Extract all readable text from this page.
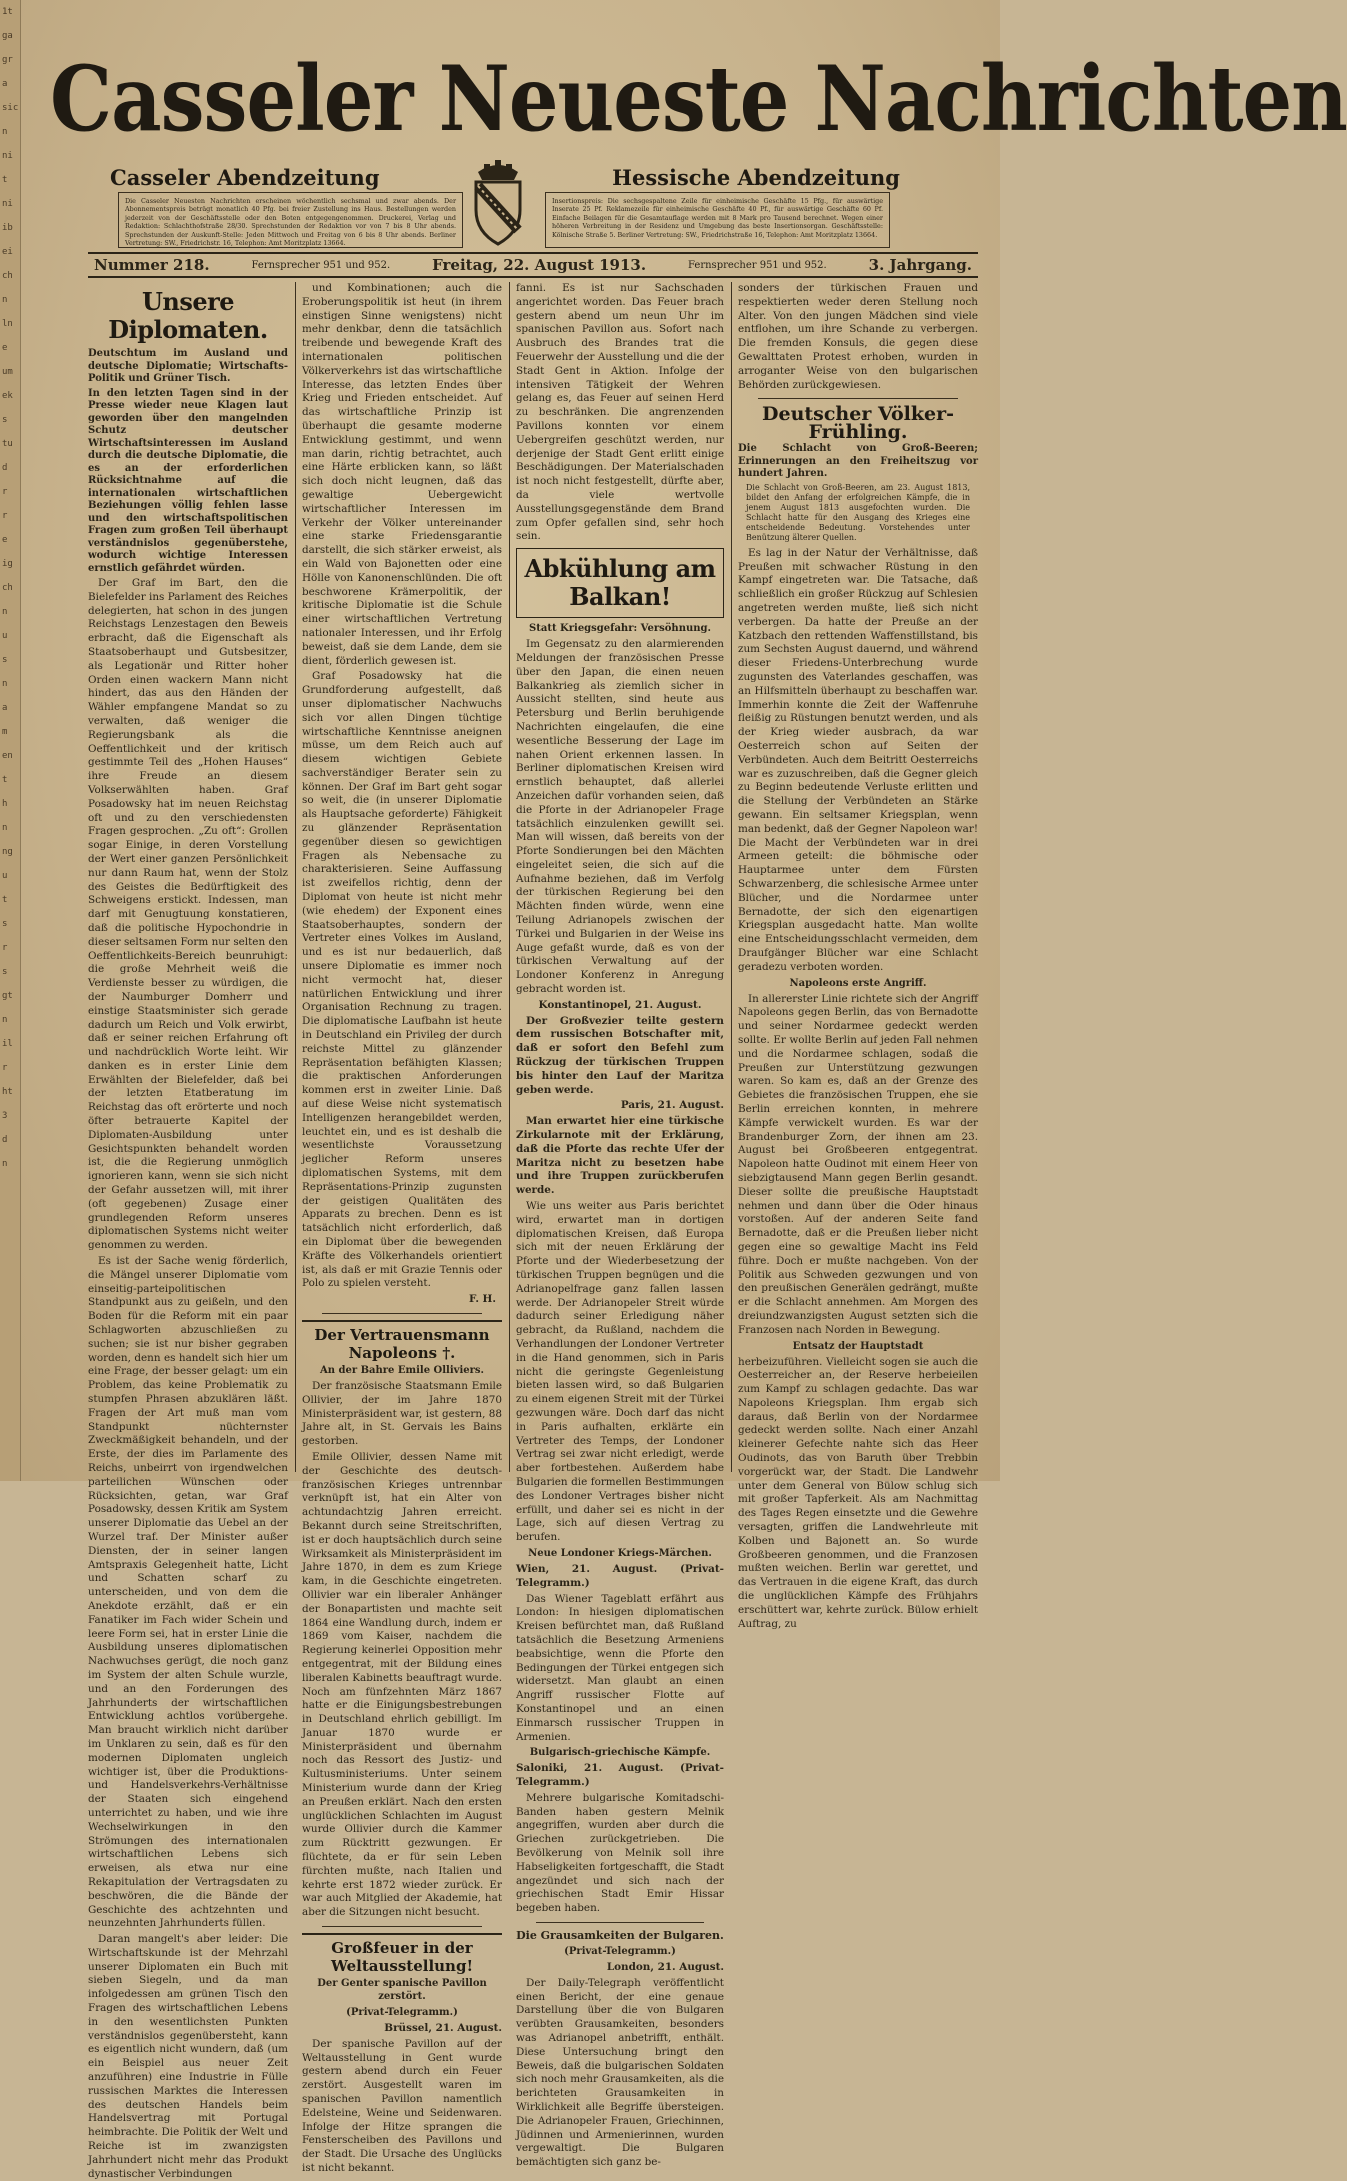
1t
ga
gr
a
sic
n
ni
t
ni
ib
ei
ch
n
ln
e
um
ek
s
tu
d
r
r
e
ig
ch
n
u
s
n
a
m
en
t
h
n
ng
u
t
s
r
s
gt
n
il
r
ht
3
d
n
Casseler Neueste Nachrichten
Casseler Abendzeitung	Hessische Abendzeitung
Die Casseler Neuesten Nachrichten erscheinen wöchentlich sechsmal und zwar abends. Der Abonnementspreis beträgt monatlich 40 Pfg. bei freier Zustellung ins Haus. Bestellungen werden jederzeit von der Geschäftsstelle oder den Boten entgegengenommen. Druckerei, Verlag und Redaktion: Schlachthofstraße 28/30. Sprechstunden der Redaktion vor von 7 bis 8 Uhr abends. Sprechstunden der Auskunft-Stelle: Jeden Mittwoch und Freitag von 6 bis 8 Uhr abends. Berliner Vertretung: SW., Friedrichstr. 16, Telephon: Amt Moritzplatz 13664.
Insertionspreis: Die sechsgespaltene Zeile für einheimische Geschäfte 15 Pfg., für auswärtige Inserate 25 Pf. Reklamezeile für einheimische Geschäfte 40 Pf., für auswärtige Geschäfte 60 Pf. Einfache Beilagen für die Gesamtauflage werden mit 8 Mark pro Tausend berechnet. Wegen einer höheren Verbreitung in der Residenz und Umgebung das beste Insertionsorgan. Geschäftsstelle: Kölnische Straße 5. Berliner Vertretung: SW., Friedrichstraße 16, Telephon: Amt Moritzplatz 13664.
Nummer 218.	Fernsprecher 951 und 952.	Freitag, 22. August 1913.	Fernsprecher 951 und 952.	3. Jahrgang.
Unsere Diplomaten.
Deutschtum im Ausland und deutsche Diplomatie; Wirtschafts-Politik und Grüner Tisch.
In den letzten Tagen sind in der Presse wieder neue Klagen laut geworden über den mangelnden Schutz deutscher Wirtschaftsinteressen im Ausland durch die deutsche Diplomatie, die es an der erforderlichen Rücksichtnahme auf die internationalen wirtschaftlichen Beziehungen völlig fehlen lasse und den wirtschaftspolitischen Fragen zum großen Teil überhaupt verständnislos gegenüberstehe, wodurch wichtige Interessen ernstlich gefährdet würden.

Der Graf im Bart, den die Bielefelder ins Parlament des Reiches delegierten, hat schon in des jungen Reichstags Lenzestagen den Beweis erbracht, daß die Eigenschaft als Staatsoberhaupt und Gutsbesitzer, als Legationär und Ritter hoher Orden einen wackern Mann nicht hindert, das aus den Händen der Wähler empfangene Mandat so zu verwalten, daß weniger die Regierungsbank als die Oeffentlichkeit und der kritisch gestimmte Teil des „Hohen Hauses“ ihre Freude an diesem Volkserwählten haben. Graf Posadowsky hat im neuen Reichstag oft und zu den verschiedensten Fragen gesprochen. „Zu oft“: Grollen sogar Einige, in deren Vorstellung der Wert einer ganzen Persönlichkeit nur dann Raum hat, wenn der Stolz des Geistes die Bedürftigkeit des Schweigens erstickt. Indessen, man darf mit Genugtuung konstatieren, daß die politische Hypochondrie in dieser seltsamen Form nur selten den Oeffentlichkeits-Bereich beunruhigt: die große Mehrheit weiß die Verdienste besser zu würdigen, die der Naumburger Domherr und einstige Staatsminister sich gerade dadurch um Reich und Volk erwirbt, daß er seiner reichen Erfahrung oft und nachdrücklich Worte leiht. Wir danken es in erster Linie dem Erwählten der Bielefelder, daß bei der letzten Etatberatung im Reichstag das oft erörterte und noch öfter betrauerte Kapitel der Diplomaten-Ausbildung unter Gesichtspunkten behandelt worden ist, die die Regierung unmöglich ignorieren kann, wenn sie sich nicht der Gefahr aussetzen will, mit ihrer (oft gegebenen) Zusage einer grundlegenden Reform unseres diplomatischen Systems nicht weiter genommen zu werden.

Es ist der Sache wenig förderlich, die Mängel unserer Diplomatie vom einseitig-parteipolitischen Standpunkt aus zu geißeln, und den Boden für die Reform mit ein paar Schlagworten abzuschließen zu suchen; sie ist nur bisher gegraben worden, denn es handelt sich hier um eine Frage, der besser gelagt: um ein Problem, das keine Problematik zu stumpfen Phrasen abzuklären läßt. Fragen der Art muß man vom Standpunkt nüchternster Zweckmäßigkeit behandeln, und der Erste, der dies im Parlamente des Reichs, unbeirrt von irgendwelchen parteilichen Wünschen oder Rücksichten, getan, war Graf Posadowsky, dessen Kritik am System unserer Diplomatie das Uebel an der Wurzel traf. Der Minister außer Diensten, der in seiner langen Amtspraxis Gelegenheit hatte, Licht und Schatten scharf zu unterscheiden, und von dem die Anekdote erzählt, daß er ein Fanatiker im Fach wider Schein und leere Form sei, hat in erster Linie die Ausbildung unseres diplomatischen Nachwuchses gerügt, die noch ganz im System der alten Schule wurzle, und an den Forderungen des Jahrhunderts der wirtschaftlichen Entwicklung achtlos vorübergehe. Man braucht wirklich nicht darüber im Unklaren zu sein, daß es für den modernen Diplomaten ungleich wichtiger ist, über die Produktions- und Handelsverkehrs-Verhältnisse der Staaten sich eingehend unterrichtet zu haben, und wie ihre Wechselwirkungen in den Strömungen des internationalen wirtschaftlichen Lebens sich erweisen, als etwa nur eine Rekapitulation der Vertragsdaten zu beschwören, die die Bände der Geschichte des achtzehnten und neunzehnten Jahrhunderts füllen.

Daran mangelt's aber leider: Die Wirtschaftskunde ist der Mehrzahl unserer Diplomaten ein Buch mit sieben Siegeln, und da man infolgedessen am grünen Tisch den Fragen des wirtschaftlichen Lebens in den wesentlichsten Punkten verständnislos gegenübersteht, kann es eigentlich nicht wundern, daß (um ein Beispiel aus neuer Zeit anzuführen) eine Industrie in Fülle russischen Marktes die Interessen des deutschen Handels beim Handelsvertrag mit Portugal heimbrachte. Die Politik der Welt und Reiche ist im zwanzigsten Jahrhundert nicht mehr das Produkt dynastischer Verbindungen

und Kombinationen; auch die Eroberungspolitik ist heut (in ihrem einstigen Sinne wenigstens) nicht mehr denkbar, denn die tatsächlich treibende und bewegende Kraft des internationalen politischen Völkerverkehrs ist das wirtschaftliche Interesse, das letzten Endes über Krieg und Frieden entscheidet. Auf das wirtschaftliche Prinzip ist überhaupt die gesamte moderne Entwicklung gestimmt, und wenn man darin, richtig betrachtet, auch eine Härte erblicken kann, so läßt sich doch nicht leugnen, daß das gewaltige Uebergewicht wirtschaftlicher Interessen im Verkehr der Völker untereinander eine starke Friedensgarantie darstellt, die sich stärker erweist, als ein Wald von Bajonetten oder eine Hölle von Kanonenschlünden. Die oft beschworene Krämerpolitik, der kritische Diplomatie ist die Schule einer wirtschaftlichen Vertretung nationaler Interessen, und ihr Erfolg beweist, daß sie dem Lande, dem sie dient, förderlich gewesen ist.

Graf Posadowsky hat die Grundforderung aufgestellt, daß unser diplomatischer Nachwuchs sich vor allen Dingen tüchtige wirtschaftliche Kenntnisse aneignen müsse, um dem Reich auch auf diesem wichtigen Gebiete sachverständiger Berater sein zu können. Der Graf im Bart geht sogar so weit, die (in unserer Diplomatie als Hauptsache geforderte) Fähigkeit zu glänzender Repräsentation gegenüber diesen so gewichtigen Fragen als Nebensache zu charakterisieren. Seine Auffassung ist zweifellos richtig, denn der Diplomat von heute ist nicht mehr (wie ehedem) der Exponent eines Staatsoberhauptes, sondern der Vertreter eines Volkes im Ausland, und es ist nur bedauerlich, daß unsere Diplomatie es immer noch nicht vermocht hat, dieser natürlichen Entwicklung und ihrer Organisation Rechnung zu tragen. Die diplomatische Laufbahn ist heute in Deutschland ein Privileg der durch reichste Mittel zu glänzender Repräsentation befähigten Klassen; die praktischen Anforderungen kommen erst in zweiter Linie. Daß auf diese Weise nicht systematisch Intelligenzen herangebildet werden, leuchtet ein, und es ist deshalb die wesentlichste Voraussetzung jeglicher Reform unseres diplomatischen Systems, mit dem Repräsentations-Prinzip zugunsten der geistigen Qualitäten des Apparats zu brechen. Denn es ist tatsächlich nicht erforderlich, daß ein Diplomat über die bewegenden Kräfte des Völkerhandels orientiert ist, als daß er mit Grazie Tennis oder Polo zu spielen versteht.

F. H.
Der Vertrauensmann Napoleons †.
An der Bahre Emile Olliviers.

Der französische Staatsmann Emile Ollivier, der im Jahre 1870 Ministerpräsident war, ist gestern, 88 Jahre alt, in St. Gervais les Bains gestorben.

Emile Ollivier, dessen Name mit der Geschichte des deutsch-französischen Krieges untrennbar verknüpft ist, hat ein Alter von achtundachtzig Jahren erreicht. Bekannt durch seine Streitschriften, ist er doch hauptsächlich durch seine Wirksamkeit als Ministerpräsident im Jahre 1870, in dem es zum Kriege kam, in die Geschichte eingetreten. Ollivier war ein liberaler Anhänger der Bonapartisten und machte seit 1864 eine Wandlung durch, indem er 1869 vom Kaiser, nachdem die Regierung keinerlei Opposition mehr entgegentrat, mit der Bildung eines liberalen Kabinetts beauftragt wurde. Noch am fünfzehnten März 1867 hatte er die Einigungsbestrebungen in Deutschland ehrlich gebilligt. Im Januar 1870 wurde er Ministerpräsident und übernahm noch das Ressort des Justiz- und Kultusministeriums. Unter seinem Ministerium wurde dann der Krieg an Preußen erklärt. Nach den ersten unglücklichen Schlachten im August wurde Ollivier durch die Kammer zum Rücktritt gezwungen. Er flüchtete, da er für sein Leben fürchten mußte, nach Italien und kehrte erst 1872 wieder zurück. Er war auch Mitglied der Akademie, hat aber die Sitzungen nicht besucht.

Großfeuer in der Weltausstellung!
Der Genter spanische Pavillon zerstört.
(Privat-Telegramm.)

Brüssel, 21. August.

Der spanische Pavillon auf der Weltausstellung in Gent wurde gestern abend durch ein Feuer zerstört. Ausgestellt waren im spanischen Pavillon namentlich Edelsteine, Weine und Seidenwaren. Infolge der Hitze sprangen die Fensterscheiben des Pavillons und der Stadt. Die Ursache des Unglücks ist nicht bekannt.

fanni. Es ist nur Sachschaden angerichtet worden. Das Feuer brach gestern abend um neun Uhr im spanischen Pavillon aus. Sofort nach Ausbruch des Brandes trat die Feuerwehr der Ausstellung und die der Stadt Gent in Aktion. Infolge der intensiven Tätigkeit der Wehren gelang es, das Feuer auf seinen Herd zu beschränken. Die angrenzenden Pavillons konnten vor einem Uebergreifen geschützt werden, nur derjenige der Stadt Gent erlitt einige Beschädigungen. Der Materialschaden ist noch nicht festgestellt, dürfte aber, da viele wertvolle Ausstellungsgegenstände dem Brand zum Opfer gefallen sind, sehr hoch sein.

Abkühlung am Balkan!
Statt Kriegsgefahr: Versöhnung.

Im Gegensatz zu den alarmierenden Meldungen der französischen Presse über den Japan, die einen neuen Balkankrieg als ziemlich sicher in Aussicht stellten, sind heute aus Petersburg und Berlin beruhigende Nachrichten eingelaufen, die eine wesentliche Besserung der Lage im nahen Orient erkennen lassen. In Berliner diplomatischen Kreisen wird ernstlich behauptet, daß allerlei Anzeichen dafür vorhanden seien, daß die Pforte in der Adrianopeler Frage tatsächlich einzulenken gewillt sei. Man will wissen, daß bereits von der Pforte Sondierungen bei den Mächten eingeleitet seien, die sich auf die Aufnahme beziehen, daß im Verfolg der türkischen Regierung bei den Mächten finden würde, wenn eine Teilung Adrianopels zwischen der Türkei und Bulgarien in der Weise ins Auge gefaßt wurde, daß es von der türkischen Verwaltung auf der Londoner Konferenz in Anregung gebracht worden ist.

Konstantinopel, 21. August.

Der Großvezier teilte gestern dem russischen Botschafter mit, daß er sofort den Befehl zum Rückzug der türkischen Truppen bis hinter den Lauf der Maritza geben werde.

Paris, 21. August.

Man erwartet hier eine türkische Zirkularnote mit der Erklärung, daß die Pforte das rechte Ufer der Maritza nicht zu besetzen habe und ihre Truppen zurückberufen werde.

Wie uns weiter aus Paris berichtet wird, erwartet man in dortigen diplomatischen Kreisen, daß Europa sich mit der neuen Erklärung der Pforte und der Wiederbesetzung der türkischen Truppen begnügen und die Adrianopelfrage ganz fallen lassen werde. Der Adrianopeler Streit würde dadurch seiner Erledigung näher gebracht, da Rußland, nachdem die Verhandlungen der Londoner Vertreter in die Hand genommen, sich in Paris nicht die geringste Gegenleistung bieten lassen wird, so daß Bulgarien zu einem eigenen Streit mit der Türkei gezwungen wäre. Doch darf das nicht in Paris aufhalten, erklärte ein Vertreter des Temps, der Londoner Vertrag sei zwar nicht erledigt, werde aber fortbestehen. Außerdem habe Bulgarien die formellen Bestimmungen des Londoner Vertrages bisher nicht erfüllt, und daher sei es nicht in der Lage, sich auf diesen Vertrag zu berufen.

Neue Londoner Kriegs-Märchen.

Wien, 21. August. (Privat-Telegramm.)

Das Wiener Tageblatt erfährt aus London: In hiesigen diplomatischen Kreisen befürchtet man, daß Rußland tatsächlich die Besetzung Armeniens beabsichtige, wenn die Pforte den Bedingungen der Türkei entgegen sich widersetzt. Man glaubt an einen Angriff russischer Flotte auf Konstantinopel und an einen Einmarsch russischer Truppen in Armenien.

Bulgarisch-griechische Kämpfe.

Saloniki, 21. August. (Privat-Telegramm.)

Mehrere bulgarische Komitadschi-Banden haben gestern Melnik angegriffen, wurden aber durch die Griechen zurückgetrieben. Die Bevölkerung von Melnik soll ihre Habseligkeiten fortgeschafft, die Stadt angezündet und sich nach der griechischen Stadt Emir Hissar begeben haben.

Die Grausamkeiten der Bulgaren.
(Privat-Telegramm.)

London, 21. August.

Der Daily-Telegraph veröffentlicht einen Bericht, der eine genaue Darstellung über die von Bulgaren verübten Grausamkeiten, besonders was Adrianopel anbetrifft, enthält. Diese Untersuchung bringt den Beweis, daß die bulgarischen Soldaten sich noch mehr Grausamkeiten, als die berichteten Grausamkeiten in Wirklichkeit alle Begriffe übersteigen. Die Adrianopeler Frauen, Griechinnen, Jüdinnen und Armenierinnen, wurden vergewaltigt. Die Bulgaren bemächtigten sich ganz be-

sonders der türkischen Frauen und respektierten weder deren Stellung noch Alter. Von den jungen Mädchen sind viele entflohen, um ihre Schande zu verbergen. Die fremden Konsuls, die gegen diese Gewalttaten Protest erhoben, wurden in arroganter Weise von den bulgarischen Behörden zurückgewiesen.

Deutscher Völker-Frühling.
Die Schlacht von Groß-Beeren; Erinnerungen an den Freiheitszug vor hundert Jahren.
Die Schlacht von Groß-Beeren, am 23. August 1813, bildet den Anfang der erfolgreichen Kämpfe, die in jenem August 1813 ausgefochten wurden. Die Schlacht hatte für den Ausgang des Krieges eine entscheidende Bedeutung. Vorstehendes unter Benützung älterer Quellen.

Es lag in der Natur der Verhältnisse, daß Preußen mit schwacher Rüstung in den Kampf eingetreten war. Die Tatsache, daß schließlich ein großer Rückzug auf Schlesien angetreten werden mußte, ließ sich nicht verbergen. Da hatte der Preuße an der Katzbach den rettenden Waffenstillstand, bis zum Sechsten August dauernd, und während dieser Friedens-Unterbrechung wurde zugunsten des Vaterlandes geschaffen, was an Hilfsmitteln überhaupt zu beschaffen war. Immerhin konnte die Zeit der Waffenruhe fleißig zu Rüstungen benutzt werden, und als der Krieg wieder ausbrach, da war Oesterreich schon auf Seiten der Verbündeten. Auch dem Beitritt Oesterreichs war es zuzuschreiben, daß die Gegner gleich zu Beginn bedeutende Verluste erlitten und die Stellung der Verbündeten an Stärke gewann. Ein seltsamer Kriegsplan, wenn man bedenkt, daß der Gegner Napoleon war! Die Macht der Verbündeten war in drei Armeen geteilt: die böhmische oder Hauptarmee unter dem Fürsten Schwarzenberg, die schlesische Armee unter Blücher, und die Nordarmee unter Bernadotte, der sich den eigenartigen Kriegsplan ausgedacht hatte. Man wollte eine Entscheidungsschlacht vermeiden, dem Draufgänger Blücher war eine Schlacht geradezu verboten worden.

Napoleons erste Angriff.

In allererster Linie richtete sich der Angriff Napoleons gegen Berlin, das von Bernadotte und seiner Nordarmee gedeckt werden sollte. Er wollte Berlin auf jeden Fall nehmen und die Nordarmee schlagen, sodaß die Preußen zur Unterstützung gezwungen waren. So kam es, daß an der Grenze des Gebietes die französischen Truppen, ehe sie Berlin erreichen konnten, in mehrere Kämpfe verwickelt wurden. Es war der Brandenburger Zorn, der ihnen am 23. August bei Großbeeren entgegentrat. Napoleon hatte Oudinot mit einem Heer von siebzigtausend Mann gegen Berlin gesandt. Dieser sollte die preußische Hauptstadt nehmen und dann über die Oder hinaus vorstoßen. Auf der anderen Seite fand Bernadotte, daß er die Preußen lieber nicht gegen eine so gewaltige Macht ins Feld führe. Doch er mußte nachgeben. Von der Politik aus Schweden gezwungen und von den preußischen Generälen gedrängt, mußte er die Schlacht annehmen. Am Morgen des dreiundzwanzigsten August setzten sich die Franzosen nach Norden in Bewegung.

Entsatz der Hauptstadt

herbeizuführen. Vielleicht sogen sie auch die Oesterreicher an, der Reserve herbeieilen zum Kampf zu schlagen gedachte. Das war Napoleons Kriegsplan. Ihm ergab sich daraus, daß Berlin von der Nordarmee gedeckt werden sollte. Nach einer Anzahl kleinerer Gefechte nahte sich das Heer Oudinots, das von Baruth über Trebbin vorgerückt war, der Stadt. Die Landwehr unter dem General von Bülow schlug sich mit großer Tapferkeit. Als am Nachmittag des Tages Regen einsetzte und die Gewehre versagten, griffen die Landwehrleute mit Kolben und Bajonett an. So wurde Großbeeren genommen, und die Franzosen mußten weichen. Berlin war gerettet, und das Vertrauen in die eigene Kraft, das durch die unglücklichen Kämpfe des Frühjahrs erschüttert war, kehrte zurück. Bülow erhielt Auftrag, zu
